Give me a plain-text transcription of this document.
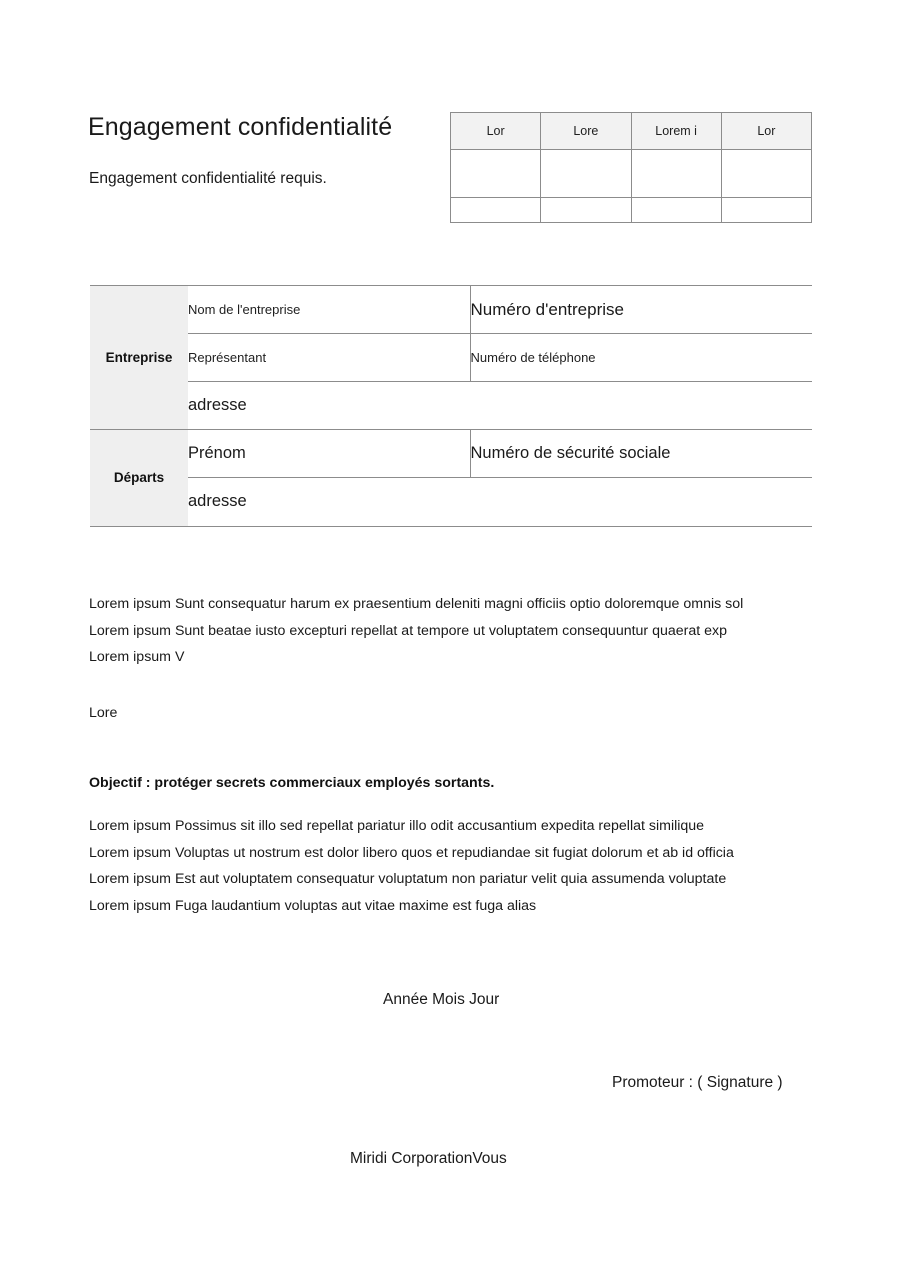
Engagement confidentialité
Engagement confidentialité requis.
Lor	Lore	Lorem i	Lor

Entreprise	Nom de l'entreprise	Numéro d'entreprise
	Représentant	Numéro de téléphone
	adresse	
Départs	Prénom	Numéro de sécurité sociale
	adresse	
Lorem ipsum Sunt consequatur harum ex praesentium deleniti magni officiis optio doloremque omnis sol
Lorem ipsum Sunt beatae iusto excepturi repellat at tempore ut voluptatem consequuntur quaerat exp
Lorem ipsum V
Lore
Objectif : protéger secrets commerciaux employés sortants.
Lorem ipsum Possimus sit illo sed repellat pariatur illo odit accusantium expedita repellat similique
Lorem ipsum Voluptas ut nostrum est dolor libero quos et repudiandae sit fugiat dolorum et ab id officia
Lorem ipsum Est aut voluptatem consequatur voluptatum non pariatur velit quia assumenda voluptate
Lorem ipsum Fuga laudantium voluptas aut vitae maxime est fuga alias
Année Mois Jour
Promoteur : ( Signature )
Miridi CorporationVous
